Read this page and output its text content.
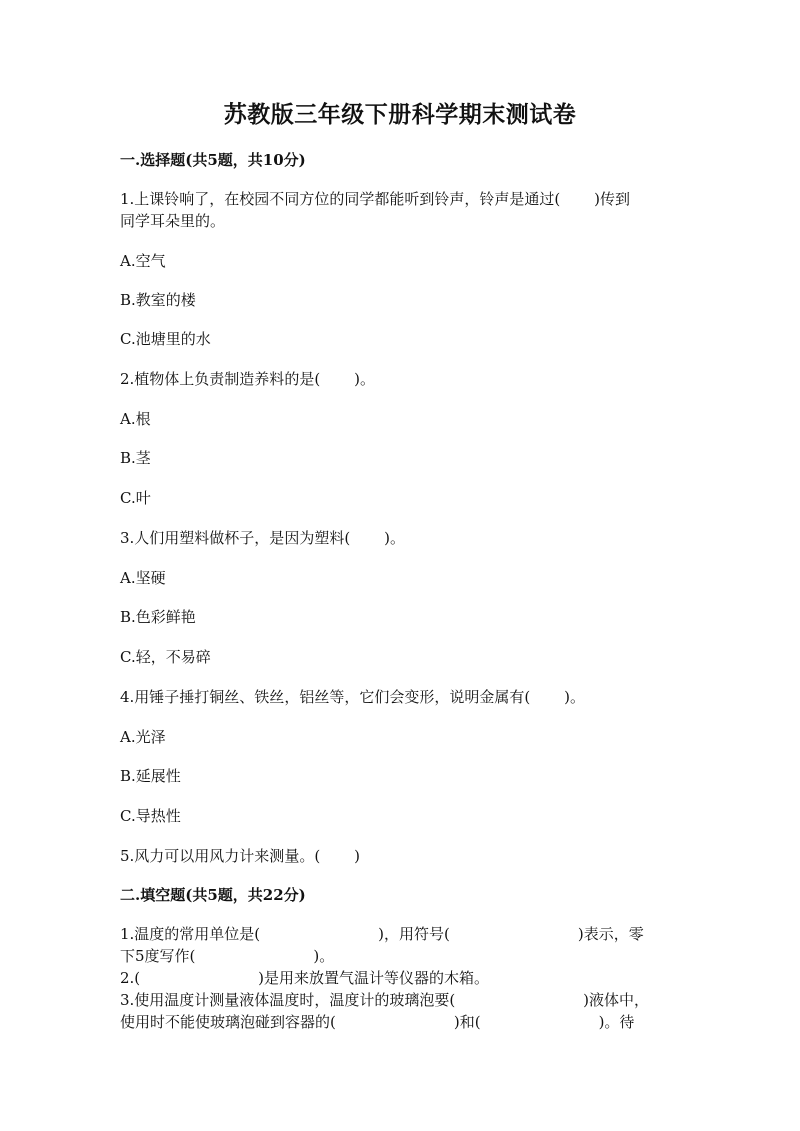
苏教版三年级下册科学期末测试卷
一.选择题(共5题，共10分)
1.上课铃响了，在校园不同方位的同学都能听到铃声，铃声是通过( )传到
同学耳朵里的。
A.空气
B.教室的楼
C.池塘里的水
2.植物体上负责制造养料的是( )。
A.根
B.茎
C.叶
3.人们用塑料做杯子，是因为塑料( )。
A.坚硬
B.色彩鲜艳
C.轻，不易碎
4.用锤子捶打铜丝、铁丝，铝丝等，它们会变形，说明金属有( )。
A.光泽
B.延展性
C.导热性
5.风力可以用风力计来测量。( )
二.填空题(共5题，共22分)
1.温度的常用单位是(	)，用符号(	)表示，零
下5度写作(	)。
2.(	)是用来放置气温计等仪器的木箱。
3.使用温度计测量液体温度时，温度计的玻璃泡要(	)液体中，
使用时不能使玻璃泡碰到容器的(	)和(	)。待
